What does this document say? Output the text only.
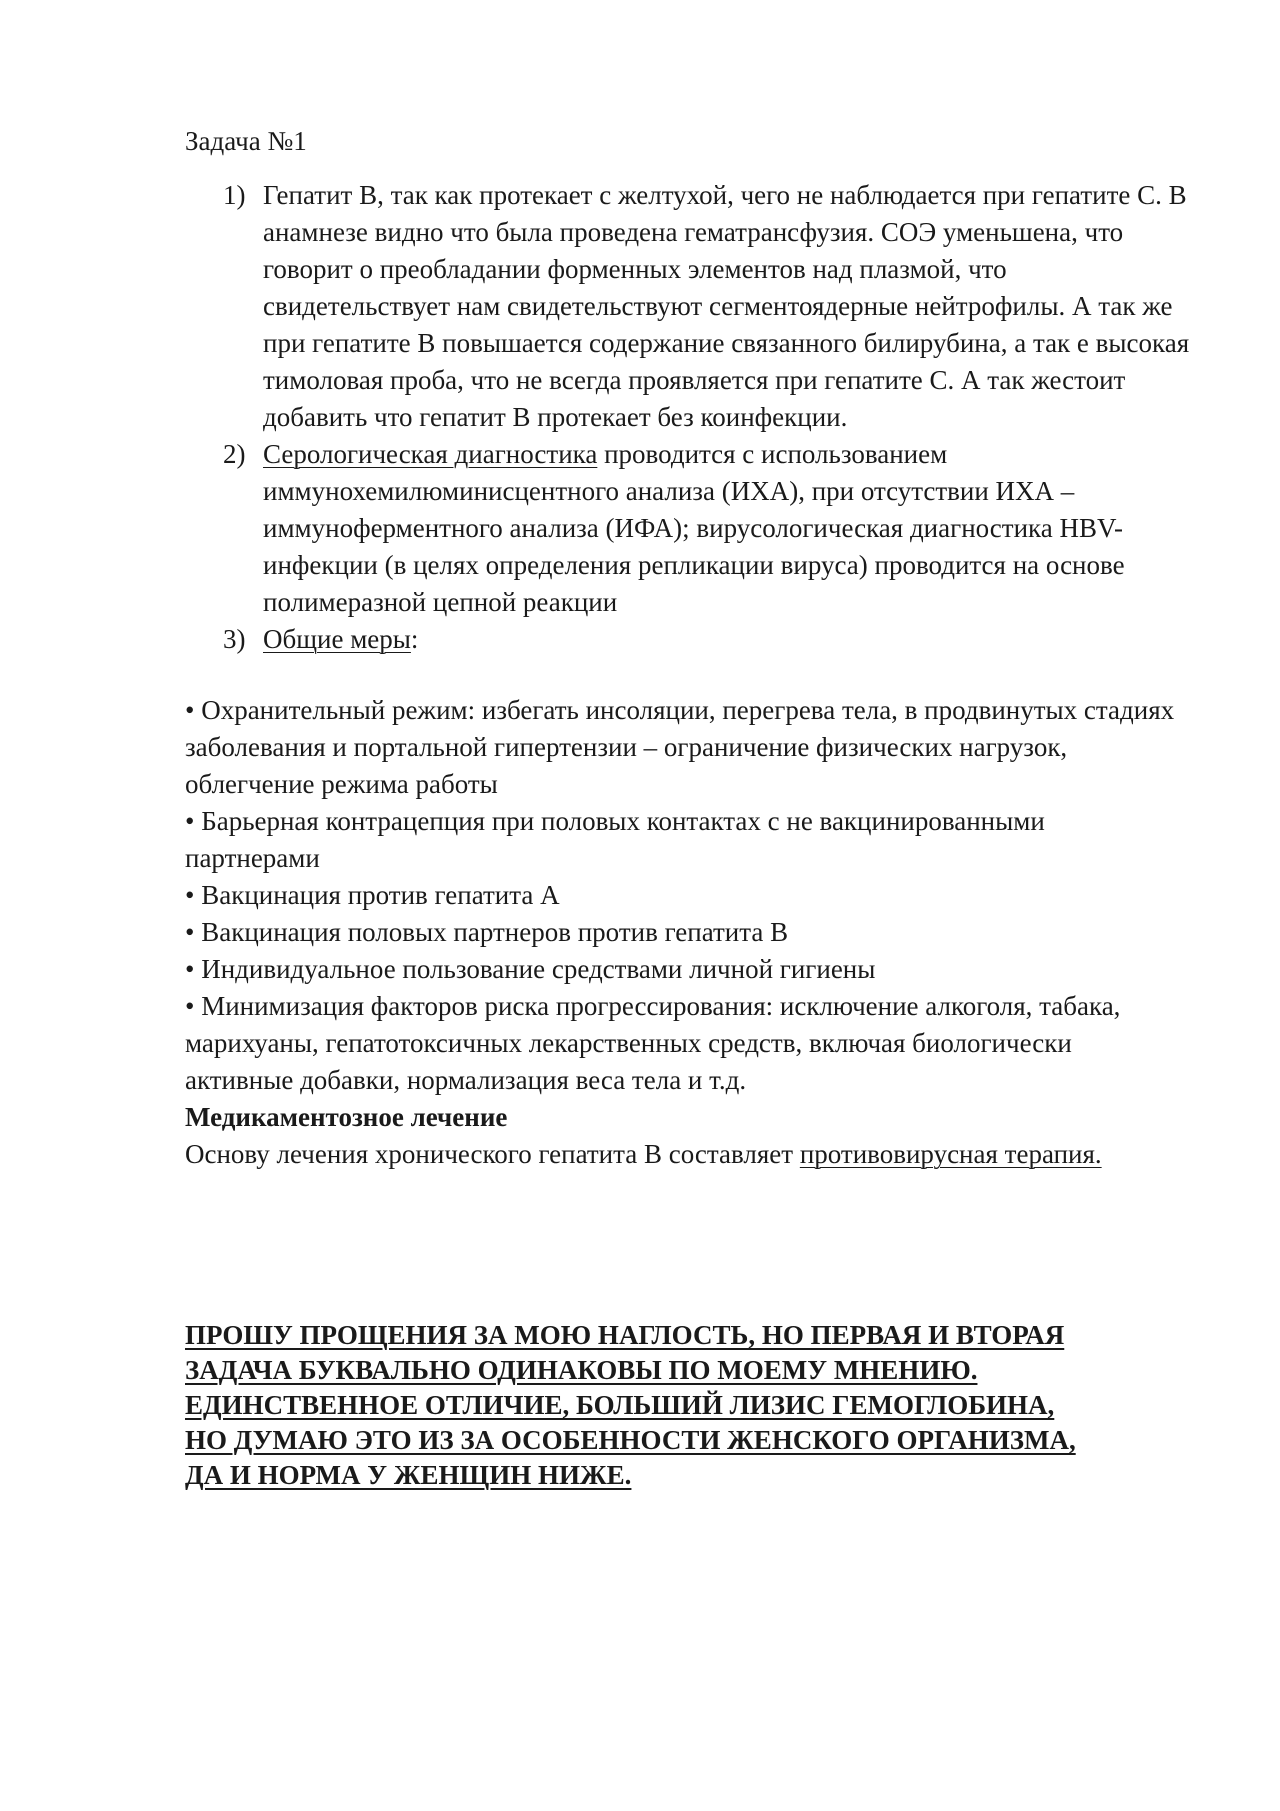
Задача №1
1) Гепатит В, так как протекает с желтухой, чего не наблюдается при гепатите С. В анамнезе видно что была проведена гематрансфузия. СОЭ уменьшена, что говорит о преобладании форменных элементов над плазмой, что свидетельствует нам свидетельствуют сегментоядерные нейтрофилы. А так же при гепатите В повышается содержание связанного билирубина, а так е высокая тимоловая проба, что не всегда проявляется при гепатите С. А так жестоит добавить что гепатит В протекает без коинфекции.
2) Серологическая диагностика проводится с использованием иммунохемилюминисцентного анализа (ИХА), при отсутствии ИХА – иммуноферментного анализа (ИФА); вирусологическая диагностика HBV-инфекции (в целях определения репликации вируса) проводится на основе полимеразной цепной реакции
3) Общие меры:
• Охранительный режим: избегать инсоляции, перегрева тела, в продвинутых стадиях заболевания и портальной гипертензии – ограничение физических нагрузок, облегчение режима работы
• Барьерная контрацепция при половых контактах с не вакцинированными партнерами
• Вакцинация против гепатита А
• Вакцинация половых партнеров против гепатита В
• Индивидуальное пользование средствами личной гигиены
• Минимизация факторов риска прогрессирования: исключение алкоголя, табака, марихуаны, гепатотоксичных лекарственных средств, включая биологически активные добавки, нормализация веса тела и т.д.
Медикаментозное лечение
Основу лечения хронического гепатита В составляет противовирусная терапия.
ПРОШУ ПРОЩЕНИЯ ЗА МОЮ НАГЛОСТЬ, НО ПЕРВАЯ И ВТОРАЯ
ЗАДАЧА БУКВАЛЬНО ОДИНАКОВЫ ПО МОЕМУ МНЕНИЮ.
ЕДИНСТВЕННОЕ ОТЛИЧИЕ, БОЛЬШИЙ ЛИЗИС ГЕМОГЛОБИНА,
НО ДУМАЮ ЭТО ИЗ ЗА ОСОБЕННОСТИ ЖЕНСКОГО ОРГАНИЗМА,
ДА И НОРМА У ЖЕНЩИН НИЖЕ.
